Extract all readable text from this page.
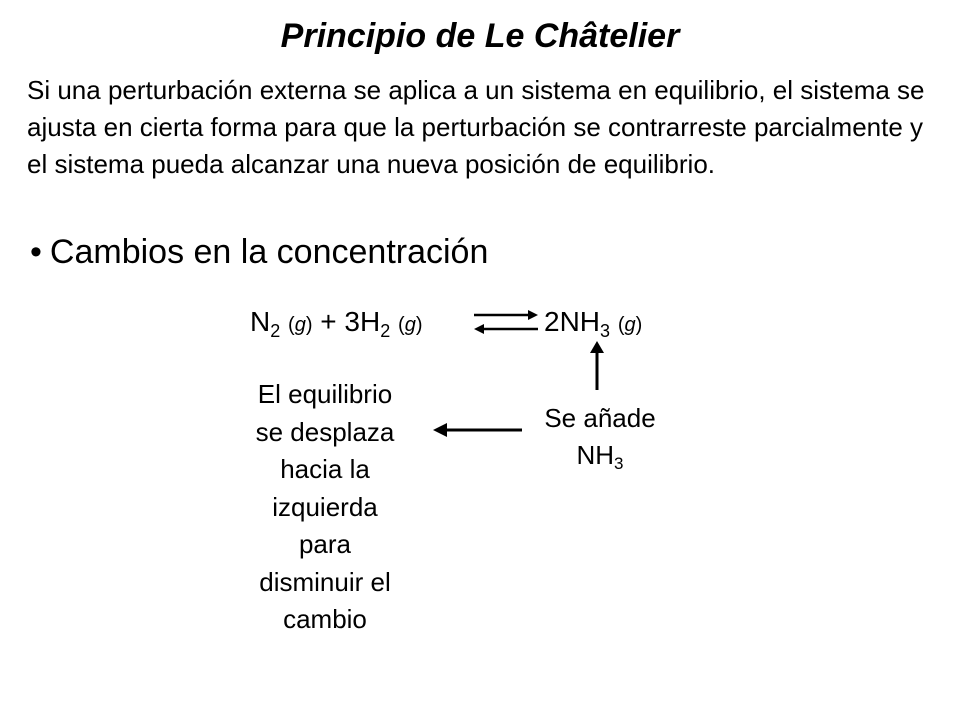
Principio de Le Châtelier
Si una perturbación externa se aplica a un sistema en equilibrio, el sistema se ajusta en cierta forma para que la perturbación se contrarreste parcialmente y el sistema pueda alcanzar una nueva posición de equilibrio.
• Cambios en la concentración
$N_2$ $(g) + 3H_2$ (g) ⇌ $2NH_3$ (g)
El equilibrio
se desplaza
hacia la
izquierda
para
disminuir el
cambio
Se añade
$NH_3$
